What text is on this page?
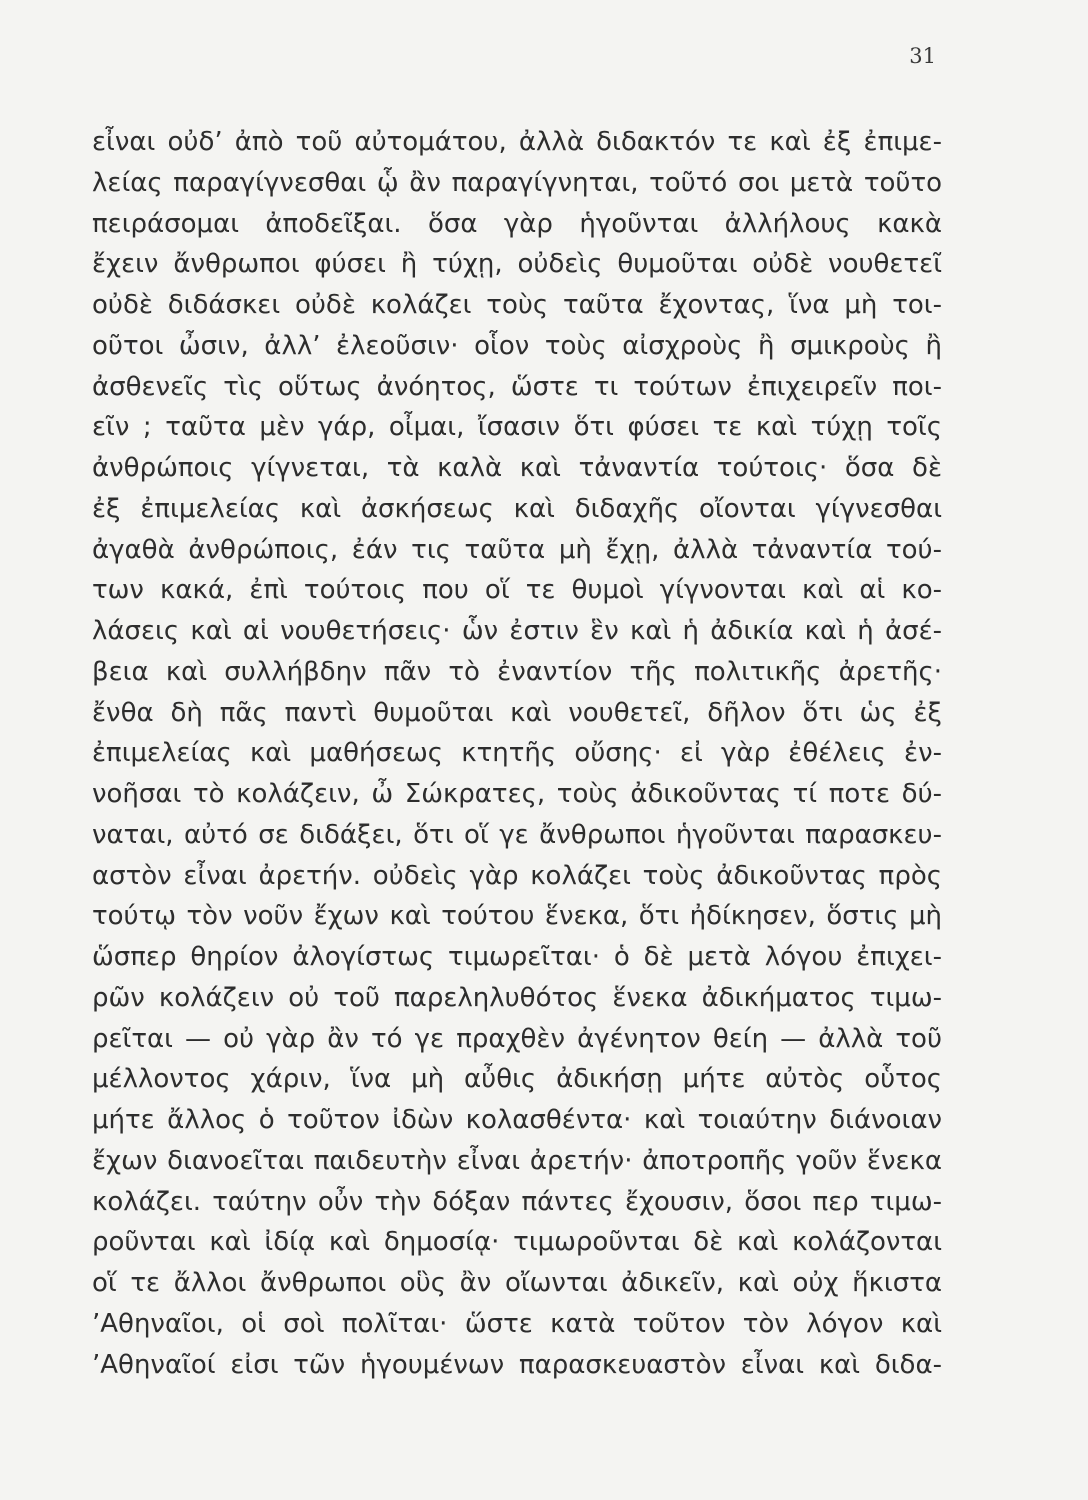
31
εἶναι οὐδ’ ἀπὸ τοῦ αὐτομάτου, ἀλλὰ διδακτόν τε καὶ ἐξ ἐπιμε-
λείας παραγίγνεσθαι ᾧ ἂν παραγίγνηται, τοῦτό σοι μετὰ τοῦτο
πειράσομαι ἀποδεῖξαι. ὅσα γὰρ ἡγοῦνται ἀλλήλους κακὰ
ἔχειν ἄνθρωποι φύσει ἢ τύχῃ, οὐδεὶς θυμοῦται οὐδὲ νουθετεῖ
οὐδὲ διδάσκει οὐδὲ κολάζει τοὺς ταῦτα ἔχοντας, ἵνα μὴ τοι-
οῦτοι ὦσιν, ἀλλ’ ἐλεοῦσιν· οἷον τοὺς αἰσχροὺς ἢ σμικροὺς ἢ
ἀσθενεῖς τὶς οὕτως ἀνόητος, ὥστε τι τούτων ἐπιχειρεῖν ποι-
εῖν ; ταῦτα μὲν γάρ, οἶμαι, ἴσασιν ὅτι φύσει τε καὶ τύχῃ τοῖς
ἀνθρώποις γίγνεται, τὰ καλὰ καὶ τἀναντία τούτοις· ὅσα δὲ
ἐξ ἐπιμελείας καὶ ἀσκήσεως καὶ διδαχῆς οἴονται γίγνεσθαι
ἀγαθὰ ἀνθρώποις, ἐάν τις ταῦτα μὴ ἔχῃ, ἀλλὰ τἀναντία τού-
των κακά, ἐπὶ τούτοις που οἵ τε θυμοὶ γίγνονται καὶ αἱ κο-
λάσεις καὶ αἱ νουθετήσεις· ὧν ἐστιν ἓν καὶ ἡ ἀδικία καὶ ἡ ἀσέ-
βεια καὶ συλλήβδην πᾶν τὸ ἐναντίον τῆς πολιτικῆς ἀρετῆς·
ἔνθα δὴ πᾶς παντὶ θυμοῦται καὶ νουθετεῖ, δῆλον ὅτι ὡς ἐξ
ἐπιμελείας καὶ μαθήσεως κτητῆς οὔσης· εἰ γὰρ ἐθέλεις ἐν-
νοῆσαι τὸ κολάζειν, ὦ Σώκρατες, τοὺς ἀδικοῦντας τί ποτε δύ-
ναται, αὐτό σε διδάξει, ὅτι οἵ γε ἄνθρωποι ἡγοῦνται παρασκευ-
αστὸν εἶναι ἀρετήν. οὐδεὶς γὰρ κολάζει τοὺς ἀδικοῦντας πρὸς
τούτῳ τὸν νοῦν ἔχων καὶ τούτου ἕνεκα, ὅτι ἠδίκησεν, ὅστις μὴ
ὥσπερ θηρίον ἀλογίστως τιμωρεῖται· ὁ δὲ μετὰ λόγου ἐπιχει-
ρῶν κολάζειν οὐ τοῦ παρεληλυθότος ἕνεκα ἀδικήματος τιμω-
ρεῖται — οὐ γὰρ ἂν τό γε πραχθὲν ἀγένητον θείη — ἀλλὰ τοῦ
μέλλοντος χάριν, ἵνα μὴ αὖθις ἀδικήσῃ μήτε αὐτὸς οὗτος
μήτε ἄλλος ὁ τοῦτον ἰδὼν κολασθέντα· καὶ τοιαύτην διάνοιαν
ἔχων διανοεῖται παιδευτὴν εἶναι ἀρετήν· ἀποτροπῆς γοῦν ἕνεκα
κολάζει. ταύτην οὖν τὴν δόξαν πάντες ἔχουσιν, ὅσοι περ τιμω-
ροῦνται καὶ ἰδίᾳ καὶ δημοσίᾳ· τιμωροῦνται δὲ καὶ κολάζονται
οἵ τε ἄλλοι ἄνθρωποι οὓς ἂν οἴωνται ἀδικεῖν, καὶ οὐχ ἥκιστα
’Αθηναῖοι, οἱ σοὶ πολῖται· ὥστε κατὰ τοῦτον τὸν λόγον καὶ
’Αθηναῖοί εἰσι τῶν ἡγουμένων παρασκευαστὸν εἶναι καὶ διδα-
